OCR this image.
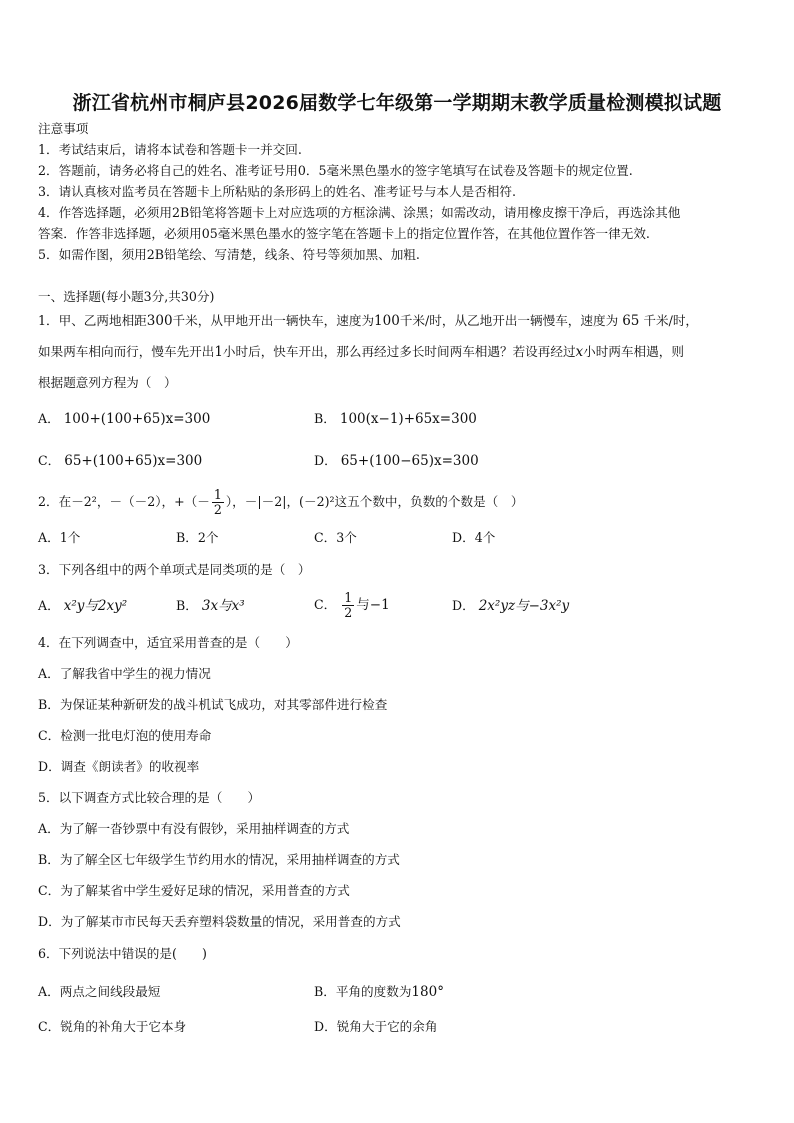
浙江省杭州市桐庐县2026届数学七年级第一学期期末教学质量检测模拟试题
注意事项
1．考试结束后，请将本试卷和答题卡一并交回.
2．答题前，请务必将自己的姓名、准考证号用0．5毫米黑色墨水的签字笔填写在试卷及答题卡的规定位置.
3．请认真核对监考员在答题卡上所粘贴的条形码上的姓名、准考证号与本人是否相符.
4．作答选择题，必须用2B铅笔将答题卡上对应选项的方框涂满、涂黑；如需改动，请用橡皮擦干净后，再选涂其他
答案．作答非选择题，必须用05毫米黑色墨水的签字笔在答题卡上的指定位置作答，在其他位置作答一律无效.
5．如需作图，须用2B铅笔绘、写清楚，线条、符号等须加黑、加粗.
一、选择题(每小题3分,共30分)
1．甲、乙两地相距300千米，从甲地开出一辆快车，速度为100千米/时，从乙地开出一辆慢车，速度为 65 千米/时，
如果两车相向而行，慢车先开出1小时后，快车开出，那么再经过多长时间两车相遇？若设再经过x小时两车相遇，则
根据题意列方程为（　）
A． 100+(100+65)x=300	B． 100(x−1)+65x=300
C． 65+(100+65)x=300	D． 65+(100−65)x=300
2．在－2²，－（－2），+（－ $\frac{1}{2}$ ），－|－2|，(－2)²这五个数中，负数的个数是（　）
A．1个	B．2个	C．3个	D．4个
3．下列各组中的两个单项式是同类项的是（　）
A． x²y与2xy²	B． 3x与x³	C． $\frac{1}{2}$ 与−1	D． 2x²yz与−3x²y
4．在下列调查中，适宜采用普查的是（　　）
A．了解我省中学生的视力情况
B．为保证某种新研发的战斗机试飞成功，对其零部件进行检查
C．检测一批电灯泡的使用寿命
D．调查《朗读者》的收视率
5．以下调查方式比较合理的是（　　）
A．为了解一沓钞票中有没有假钞，采用抽样调查的方式
B．为了解全区七年级学生节约用水的情况，采用抽样调查的方式
C．为了解某省中学生爱好足球的情况，采用普查的方式
D．为了解某市市民每天丢弃塑料袋数量的情况，采用普查的方式
6．下列说法中错误的是(　　)
A．两点之间线段最短	B．平角的度数为180°
C．锐角的补角大于它本身	D．锐角大于它的余角
